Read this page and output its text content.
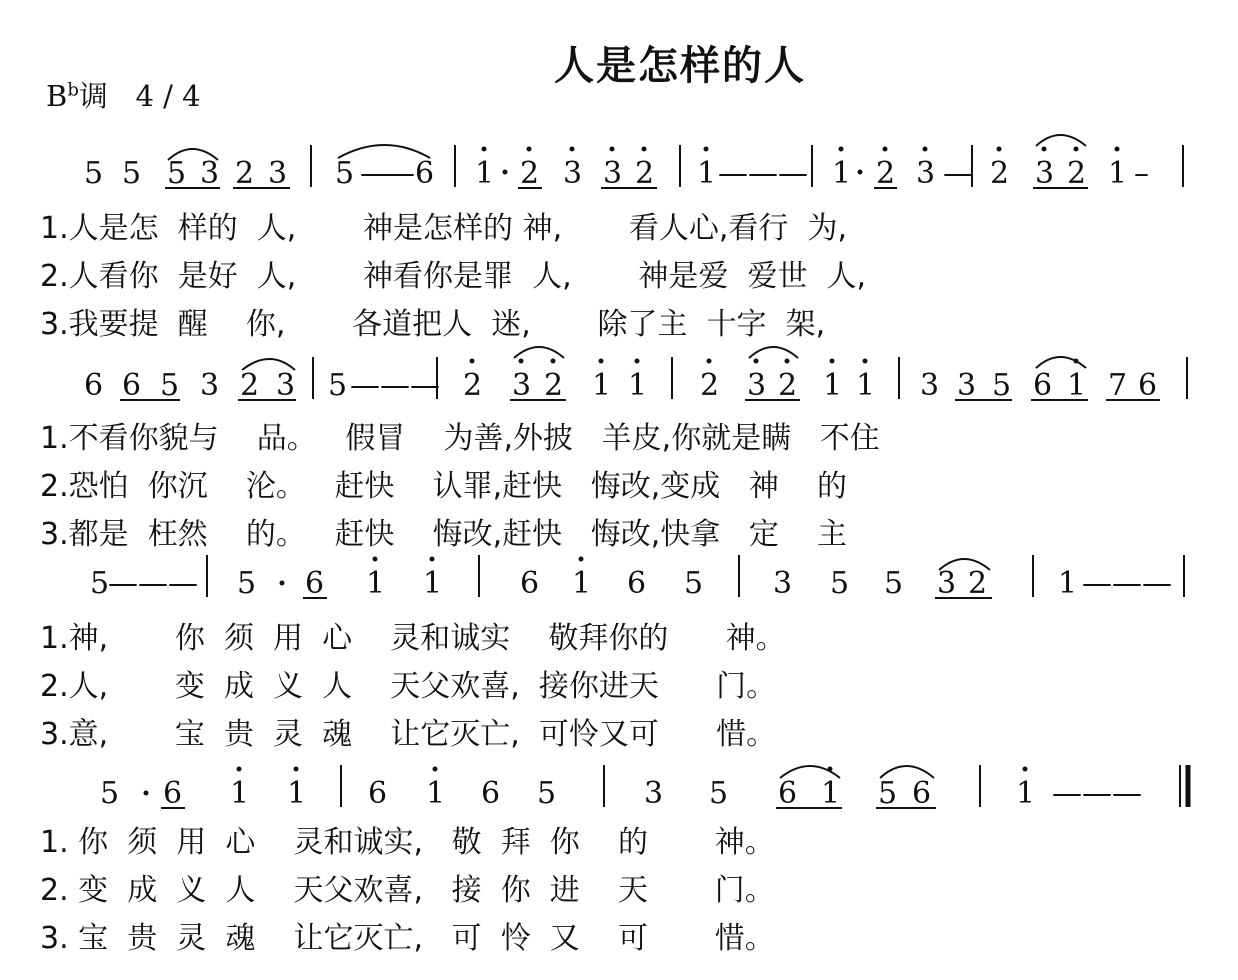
人是怎样的人
$B^b$调 4 / 4
5 5 5 3 2 3 5 —
— 6 1 2 3 3 2 1 ——— 1 2 3 — 2 3 2 1 –
6 6 5 3 2 3 5 ——— 2 3 2 1 1 2 3 2 1 1 3 3 5 6 1 7 6
5
——— 5 6 1 1	6 1 6 5 3 5 5 3 2 1 ———
5 6 1 1 6 1 6 5	3 5 6 1 5 6	1 ———
1.人是怎  样的  人,       神是怎样的 神,       看人心,看行  为,
2.人看你  是好  人,       神看你是罪  人,       神是爱  爱世  人,
3.我要提  醒    你,       各道把人  迷,       除了主  十字  架,
1.不看你貌与    品。   假冒    为善,外披   羊皮,你就是瞒   不住
2.恐怕  你沉    沦。   赶快    认罪,赶快   悔改,变成   神    的
3.都是  枉然    的。   赶快    悔改,赶快   悔改,快拿   定    主
1.神,       你  须  用  心    灵和诚实    敬拜你的      神。
2.人,       变  成  义  人    天父欢喜,  接你进天      门。
3.意,       宝  贵  灵  魂    让它灭亡,  可怜又可      惜。
1. 你  须  用  心    灵和诚实,   敬  拜  你    的       神。
2. 变  成  义  人    天父欢喜,   接  你  进    天       门。
3. 宝  贵  灵  魂    让它灭亡,   可  怜  又    可       惜。
